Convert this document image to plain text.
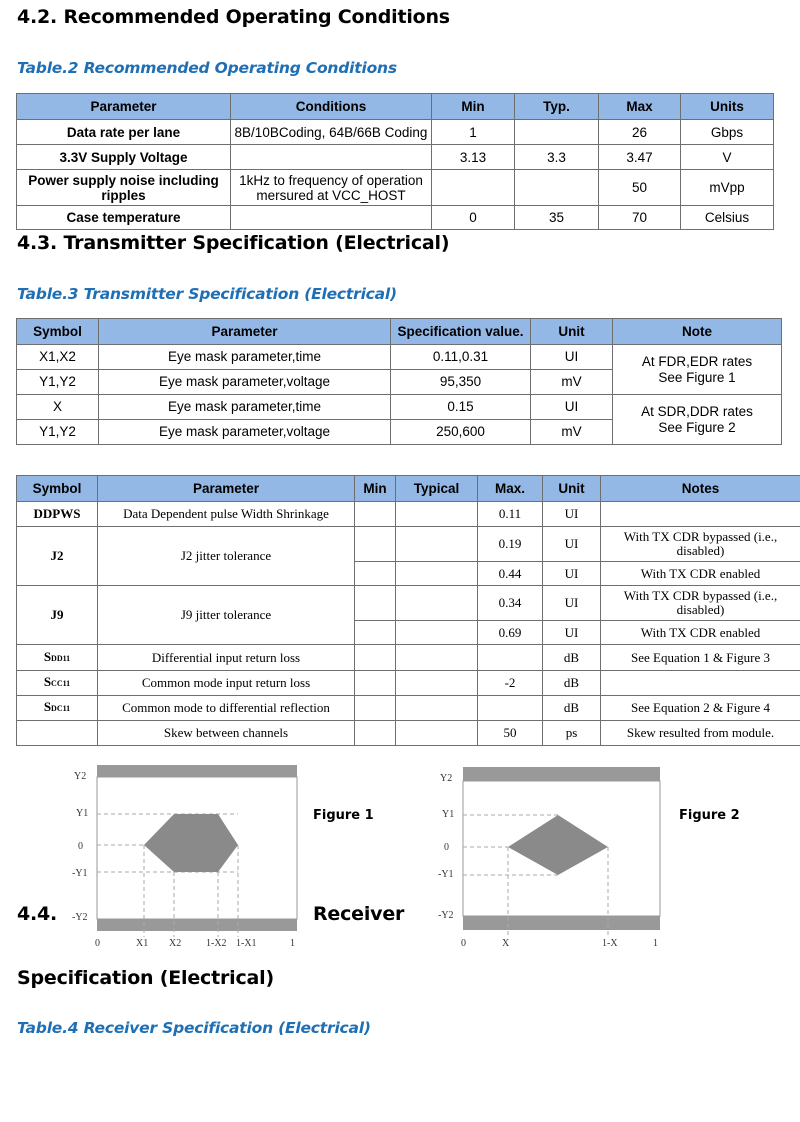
4.2. Recommended Operating Conditions

Table.2 Recommended Operating Conditions

Parameter	Conditions	Min	Typ.	Max	Units
Data rate per lane	8B/10BCoding, 64B/66B Coding	1		26	Gbps
3.3V Supply Voltage		3.13	3.3	3.47	V
Power supply noise including ripples	1kHz to frequency of operation mersured at VCC_HOST			50	mVpp
Case temperature		0	35	70	Celsius
4.3. Transmitter Specification (Electrical)

Table.3 Transmitter Specification (Electrical)

Symbol	Parameter	Specification value.	Unit	Note
X1,X2	Eye mask parameter,time	0.11,0.31	UI	At FDR,EDR rates See Figure 1
Y1,Y2	Eye mask parameter,voltage	95,350	mV	
X	Eye mask parameter,time	0.15	UI	At SDR,DDR rates See Figure 2
Y1,Y2	Eye mask parameter,voltage	250,600	mV	
Symbol	Parameter	Min	Typical	Max.	Unit	Notes
DDPWS	Data Dependent pulse Width Shrinkage			0.11	UI	
J2	J2 jitter tolerance			0.19	UI	With TX CDR bypassed (i.e., disabled)
				0.44	UI	With TX CDR enabled
J9	J9 jitter tolerance			0.34	UI	With TX CDR bypassed (i.e., disabled)
				0.69	UI	With TX CDR enabled
SDD11	Differential input return loss				dB	See Equation 1 & Figure 3
SCC11	Common mode input return loss			-2	dB	
SDC11	Common mode to differential reflection				dB	See Equation 2 & Figure 4
	Skew between channels			50	ps	Skew resulted from module.
Y2
Y1
0
-Y1
-Y2
0	X1 X2 1-X2 1-X1	1
Figure 1
Y2
Y1
0
-Y1
-Y2
0	X	1-X	1
Figure 2
4.4.	Receiver
Specification (Electrical)

Table.4 Receiver Specification (Electrical)
